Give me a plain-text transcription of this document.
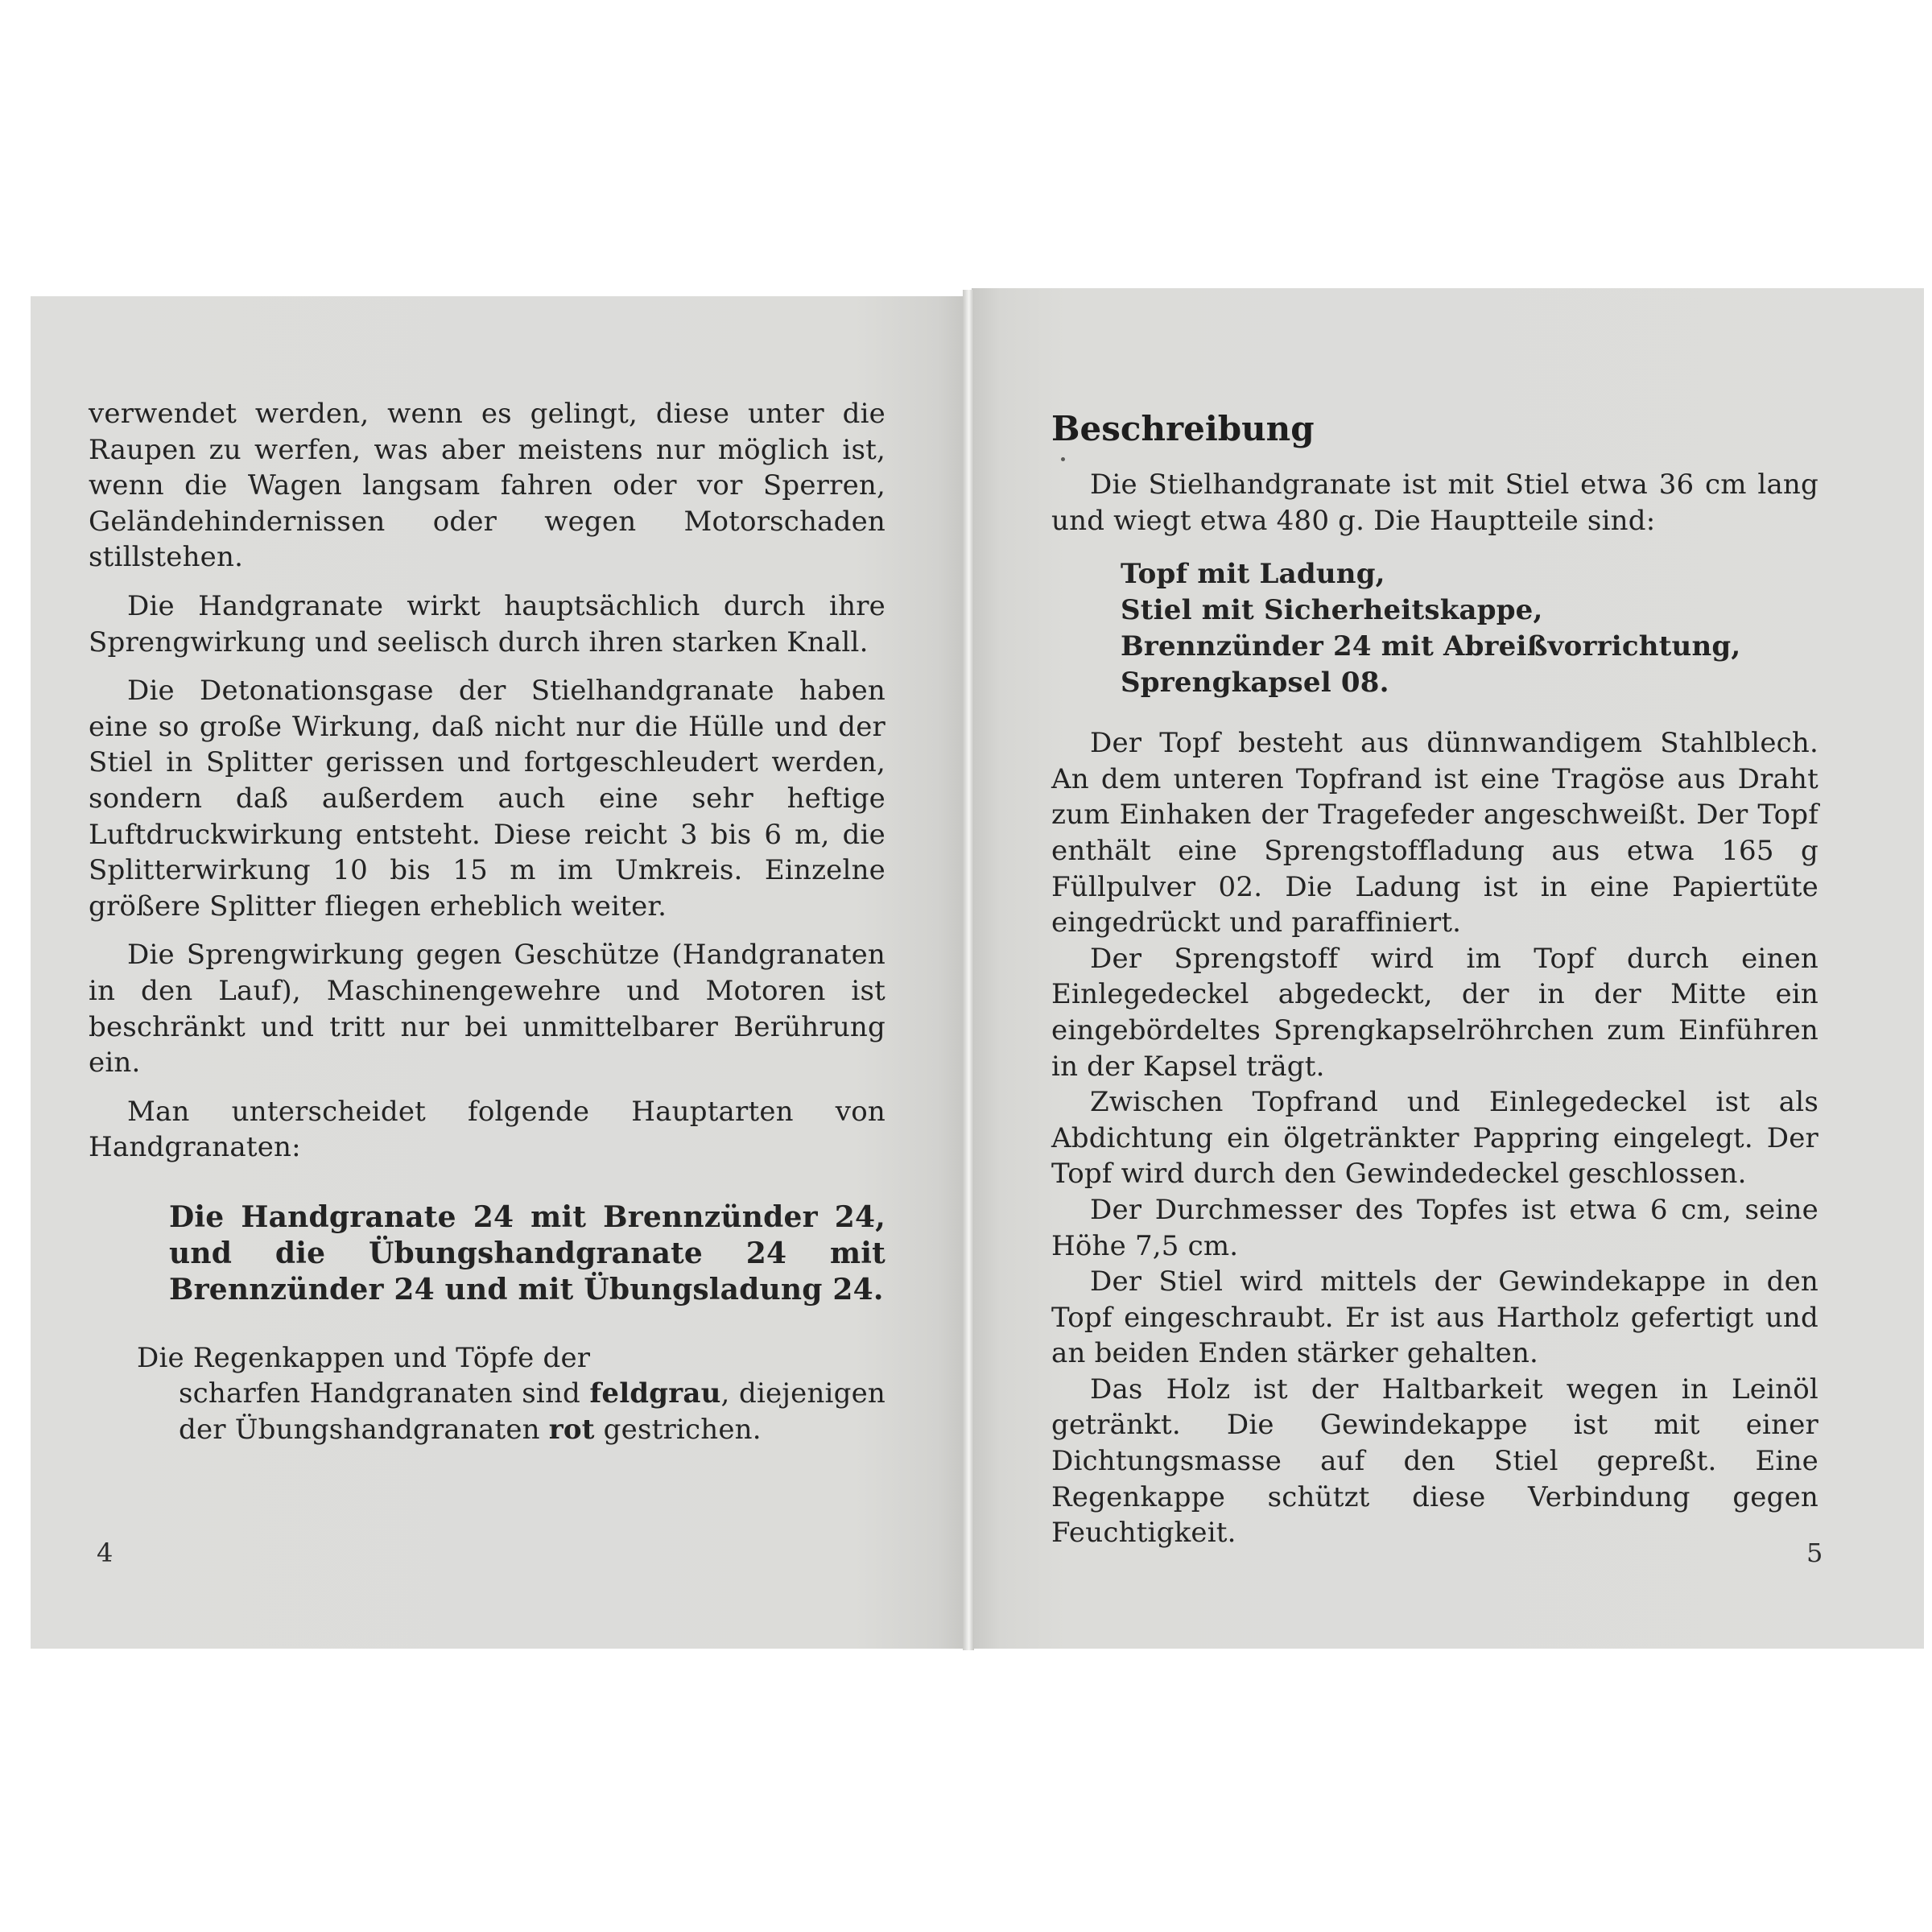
verwendet werden, wenn es gelingt, diese unter die Raupen zu werfen, was aber meistens nur möglich ist, wenn die Wagen langsam fahren oder vor Sperren, Geländehindernissen oder wegen Motorschaden stillstehen.

Die Handgranate wirkt hauptsächlich durch ihre Sprengwirkung und seelisch durch ihren starken Knall.

Die Detonationsgase der Stielhandgranate haben eine so große Wirkung, daß nicht nur die Hülle und der Stiel in Splitter gerissen und fortgeschleudert werden, sondern daß außerdem auch eine sehr heftige Luftdruckwirkung entsteht. Diese reicht 3 bis 6 m, die Splitterwirkung 10 bis 15 m im Umkreis. Einzelne größere Splitter fliegen erheblich weiter.

Die Sprengwirkung gegen Geschütze (Handgranaten in den Lauf), Maschinengewehre und Motoren ist beschränkt und tritt nur bei unmittelbarer Berührung ein.

Man unterscheidet folgende Hauptarten von Handgranaten:

Die Handgranate 24 mit Brennzünder 24, und die Übungshandgranate 24 mit Brennzünder 24 und mit Übungsladung 24.

Die Regenkappen und Töpfe der
scharfen Handgranaten sind feldgrau, diejenigen der Übungshandgranaten rot gestrichen.

4
Beschreibung

Die Stielhandgranate ist mit Stiel etwa 36 cm lang und wiegt etwa 480 g. Die Hauptteile sind:

Topf mit Ladung,
Stiel mit Sicherheitskappe,
Brennzünder 24 mit Abreißvorrichtung,
Sprengkapsel 08.

Der Topf besteht aus dünnwandigem Stahlblech. An dem unteren Topfrand ist eine Tragöse aus Draht zum Einhaken der Tragefeder angeschweißt. Der Topf enthält eine Sprengstoffladung aus etwa 165 g Füllpulver 02. Die Ladung ist in eine Papiertüte eingedrückt und paraffiniert.

Der Sprengstoff wird im Topf durch einen Einlegedeckel abgedeckt, der in der Mitte ein eingebördeltes Sprengkapselröhrchen zum Einführen in der Kapsel trägt.

Zwischen Topfrand und Einlegedeckel ist als Abdichtung ein ölgetränkter Pappring eingelegt. Der Topf wird durch den Gewindedeckel geschlossen.

Der Durchmesser des Topfes ist etwa 6 cm, seine Höhe 7,5 cm.

Der Stiel wird mittels der Gewindekappe in den Topf eingeschraubt. Er ist aus Hartholz gefertigt und an beiden Enden stärker gehalten.

Das Holz ist der Haltbarkeit wegen in Leinöl getränkt. Die Gewindekappe ist mit einer Dichtungsmasse auf den Stiel gepreßt. Eine Regenkappe schützt diese Verbindung gegen Feuchtigkeit.

5
